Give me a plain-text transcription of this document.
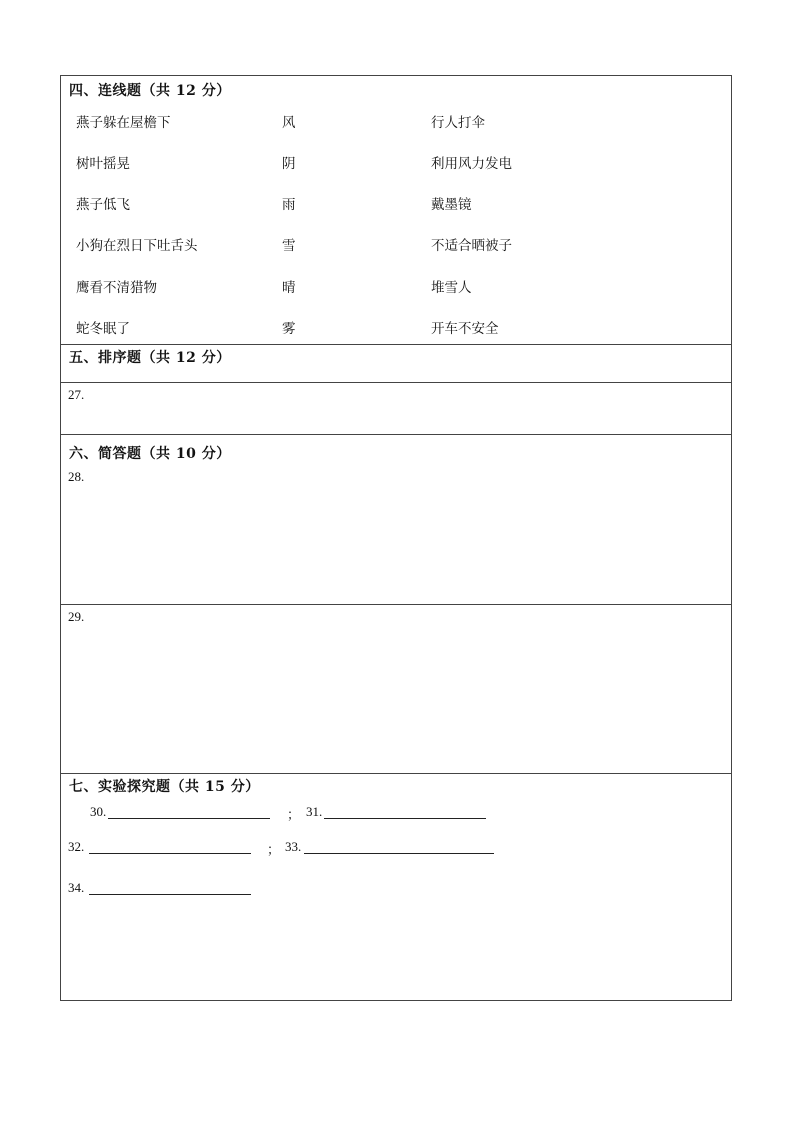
四、连线题（共 12 分）
燕子躲在屋檐下	风	行人打伞
树叶摇晃	阴	利用风力发电
燕子低飞	雨	戴墨镜
小狗在烈日下吐舌头	雪	不适合晒被子
鹰看不清猎物	晴	堆雪人
蛇冬眠了	雾	开车不安全
五、排序题（共 12 分）
27.
六、简答题（共 10 分）
28.
29.
七、实验探究题（共 15 分）
30.	； 31.
32.	； 33.
34.
